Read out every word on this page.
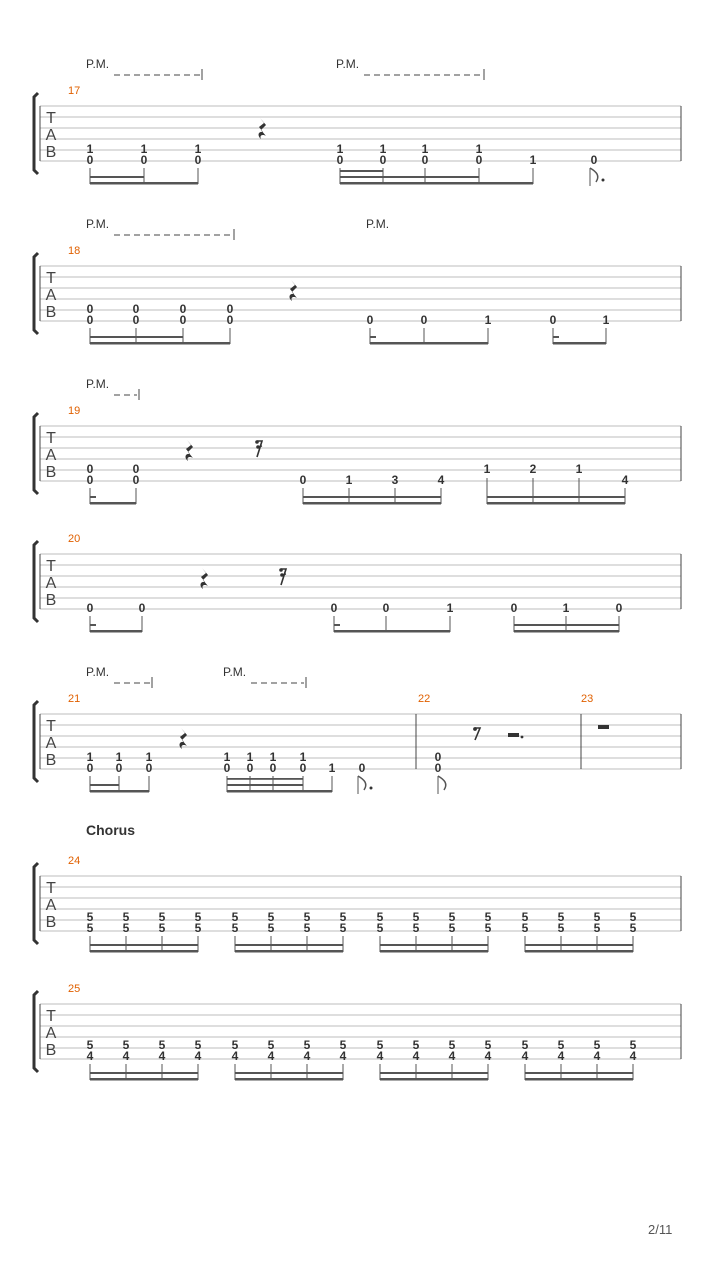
P.M.	P.M.
17
T
A
B	1
0
1
0
1
0
1
0
1
0
1
0
1
0	1	0
P.M.	P.M.
18
T
A
B	0
0
0
0
0
0
0
0	0	0	1	0	1
P.M.
19
T
A
B	0
0
0
0	0	1	3	4
1	2	1
4
20
T
A
B	0	0	0	0	1	0	1	0
P.M.	P.M.
21	22	23
T
A
B	1
0
1
0
1
0
1
0
1
0
1
0
1
0 1 0
0
0
Chorus
24
T
A
B	5
5
5
5
5
5
5
5
5
5
5
5
5
5
5
5
5
5
5
5
5
5
5
5
5
5
5
5
5
5
5
5
25
T
A
B	5
4
5
4
5
4
5
4
5
4
5
4
5
4
5
4
5
4
5
4
5
4
5
4
5
4
5
4
5
4
5
4
2/11
